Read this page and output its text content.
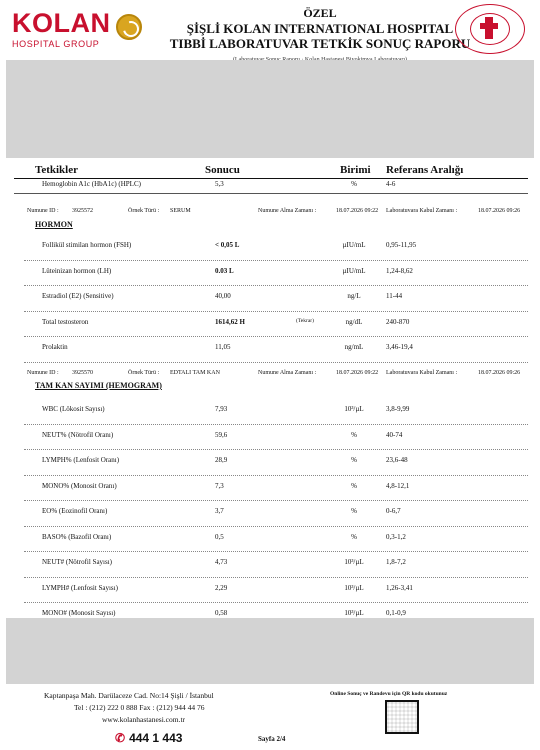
KOLAN
HOSPITAL GROUP
ÖZEL
ŞİŞLİ KOLAN INTERNATIONAL HOSPITAL
TIBBİ LABORATUVAR TETKİK SONUÇ RAPORU
Tetkikler	Sonucu	Birimi Referans Aralığı
Hemoglobin A1c (HbA1c) (HPLC)	5,3	%	4-6
Numune ID : 3925572	Örnek Türü : SERUM	Numune Alma Zamanı :	18.07.2026 09:22 Laboratuvara Kabul Zamanı :	18.07.2026 09:26
HORMON
Follikül stimilan hormon (FSH)	< 0,05 L	µIU/mL	0,95-11,95
Lüteinizan hormon (LH)	0.03 L	µIU/mL	1,24-8,62
Estradiol (E2) (Sensitive)	40,00	ng/L	11-44
Total testosteron	1614,62 H	(Tekrar)	ng/dL	240-870
Prolaktin	11,05	ng/mL	3,46-19,4
Numune ID : 3925570	Örnek Türü : EDTALI TAM KAN	Numune Alma Zamanı :	18.07.2026 09:22 Laboratuvara Kabul Zamanı :	18.07.2026 09:26
TAM KAN SAYIMI (HEMOGRAM)
WBC (Lökosit Sayısı)	7,93	10³/µL	3,8-9,99
NEUT% (Nötrofil Oranı)	59,6	%	40-74
LYMPH% (Lenfosit Oranı)	28,9	%	23,6-48
MONO% (Monosit Oranı)	7,3	%	4,8-12,1
EO% (Eozinofil Oranı)	3,7	%	0-6,7
BASO% (Bazofil Oranı)	0,5	%	0,3-1,2
NEUT# (Nötrofil Sayısı)	4,73	10³/µL	1,8-7,2
LYMPH# (Lenfosit Sayısı)	2,29	10³/µL	1,26-3,41
MONO# (Monosit Sayısı)	0,58	10³/µL	0,1-0,9
Kaptanpaşa Mah. Darülaceze Cad. No:14 Şişli / İstanbul
Tel : (212) 222 0 888 Fax : (212) 944 44 76
www.kolanhastanesi.com.tr
Online Sonuç ve Randevu için QR kodu okutunuz
✆ 444 1 443	Sayfa 2/4
